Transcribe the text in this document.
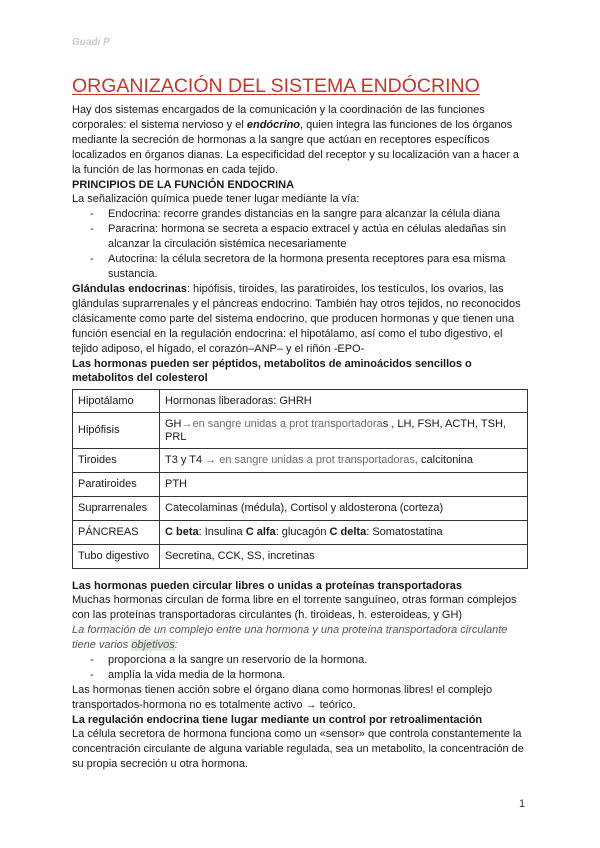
Guadi P
ORGANIZACIÓN DEL SISTEMA ENDÓCRINO

Hay dos sistemas encargados de la comunicación y la coordinación de las funciones corporales: el sistema nervioso y el endócrino, quien integra las funciones de los órganos mediante la secreción de hormonas a la sangre que actúan en receptores específicos localizados en órganos dianas. La especificidad del receptor y su localización van a hacer a la función de las hormonas en cada tejido.

PRINCIPIOS DE LA FUNCIÓN ENDOCRINA

La señalización química puede tener lugar mediante la vía:

- Endocrina: recorre grandes distancias en la sangre para alcanzar la célula diana
- Paracrina: hormona se secreta a espacio extracel y actúa en células aledañas sin alcanzar la circulación sistémica necesariamente
- Autocrina: la célula secretora de la hormona presenta receptores para esa misma sustancia.

Glándulas endocrinas: hipófisis, tiroides, las paratiroides, los testículos, los ovarios, las glándulas suprarrenales y el páncreas endocrino. También hay otros tejidos, no reconocidos clásicamente como parte del sistema endocrino, que producen hormonas y que tienen una función esencial en la regulación endocrina: el hipotálamo, así como el tubo digestivo, el tejido adiposo, el hígado, el corazón–ANP– y el riñón -EPO-

Las hormonas pueden ser péptidos, metabolitos de aminoácidos sencillos o metabolitos del colesterol

Hipotálamo	Hormonas liberadoras: GHRH
Hipófisis	GH→en sangre unidas a prot transportadoras , LH, FSH, ACTH, TSH, PRL
Tiroides	T3 y T4 → en sangre unidas a prot transportadoras, calcitonina
Paratiroides	PTH
Suprarrenales	Catecolaminas (médula), Cortisol y aldosterona (corteza)
PÁNCREAS	C beta: Insulina C alfa: glucagón C delta: Somatostatina
Tubo digestivo	Secretina, CCK, SS, incretinas

Las hormonas pueden circular libres o unidas a proteínas transportadoras

Muchas hormonas circulan de forma libre en el torrente sanguíneo, otras forman complejos con las proteínas transportadoras circulantes (h. tiroideas, h. esteroideas, y GH)

La formación de un complejo entre una hormona y una proteína transportadora circulante tiene varios objetivos:

- proporciona a la sangre un reservorio de la hormona.
- amplía la vida media de la hormona.

Las hormonas tienen acción sobre el órgano diana como hormonas libres! el complejo transportados-hormona no es totalmente activo → teórico.

La regulación endocrina tiene lugar mediante un control por retroalimentación

La célula secretora de hormona funciona como un «sensor» que controla constantemente la concentración circulante de alguna variable regulada, sea un metabolito, la concentración de su propia secreción u otra hormona.

1
